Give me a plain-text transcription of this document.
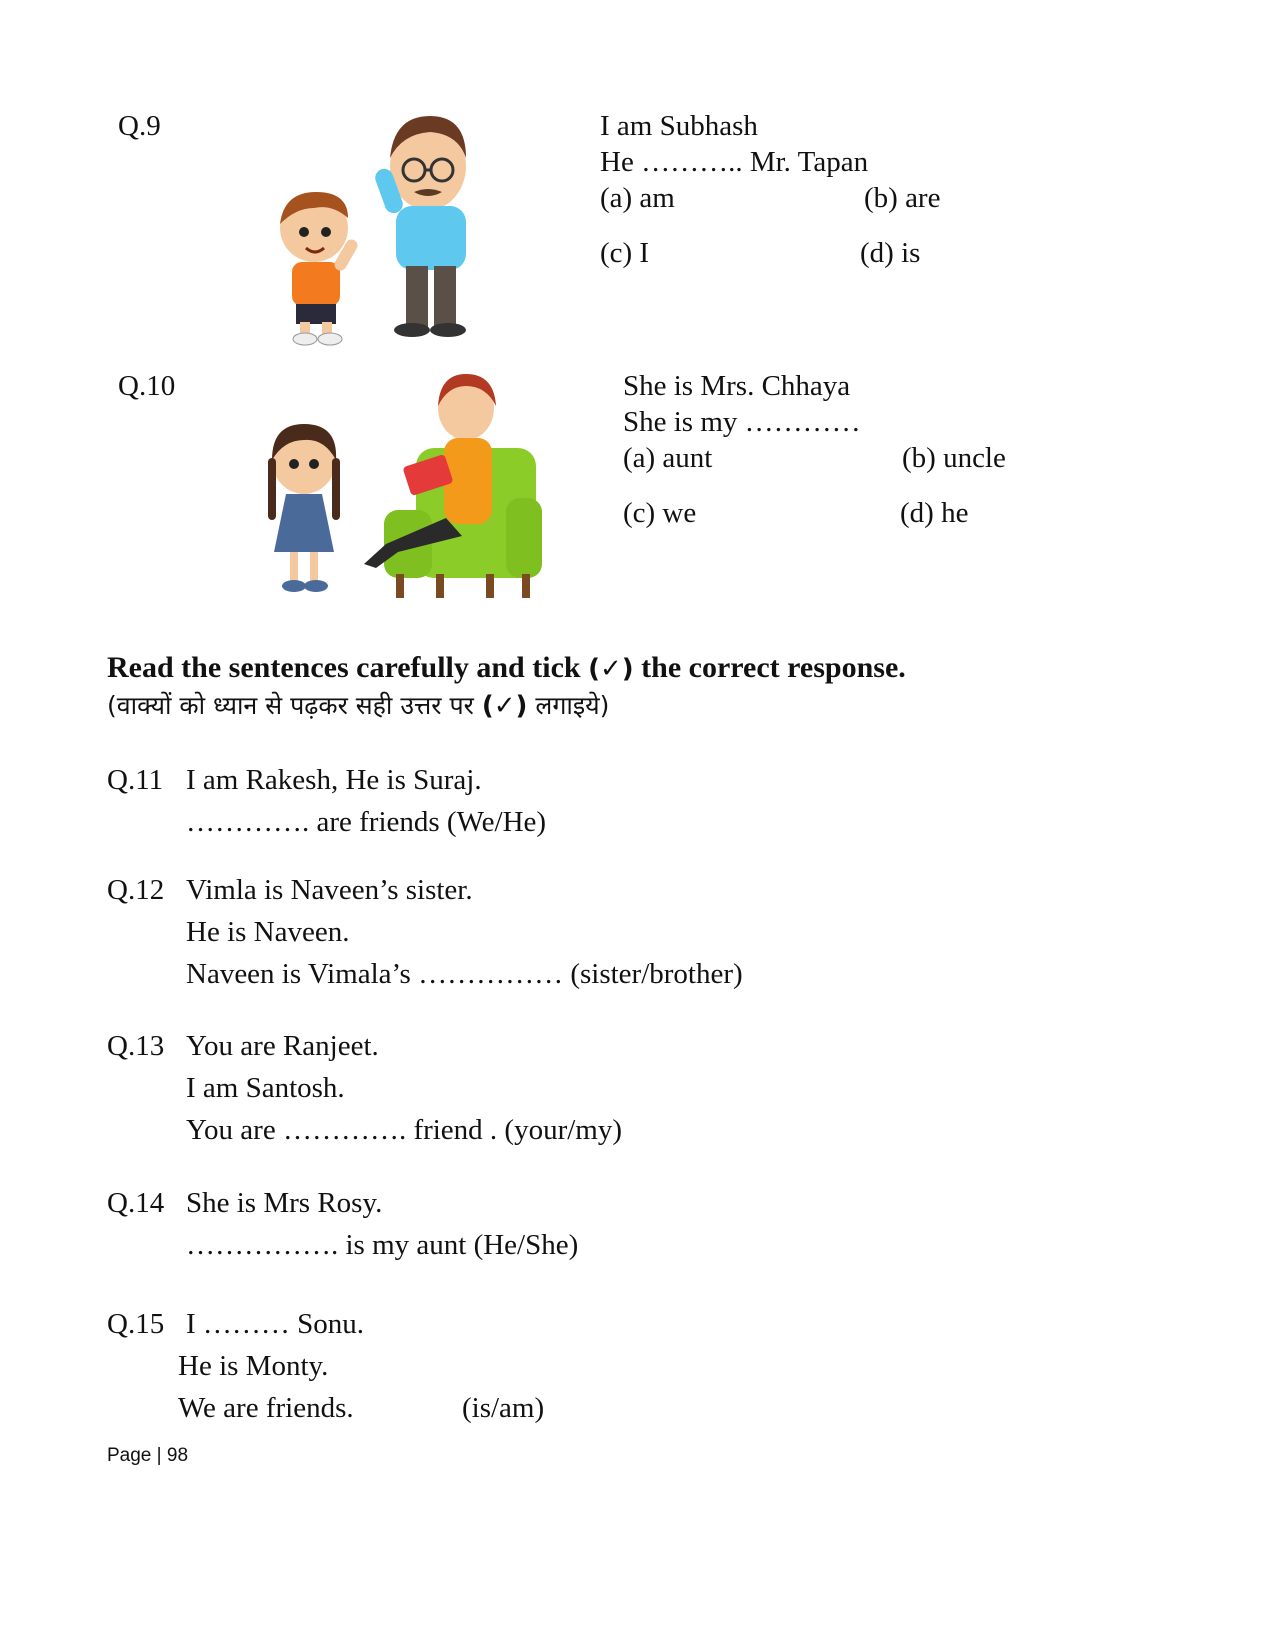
Q.9	I am Subhash
He ……….. Mr. Tapan
(a) am	(b) are
(c) I	(d) is
Q.10	She is Mrs. Chhaya
She is my …………
(a) aunt	(b) uncle
(c) we	(d) he
Read the sentences carefully and tick (✓) the correct response.
(वाक्यों को ध्यान से पढ़कर सही उत्तर पर (✓) लगाइये)
Q.11 I am Rakesh, He is Suraj.
…………. are friends (We/He)
Q.12 Vimla is Naveen’s sister.
He is Naveen.
Naveen is Vimala’s …………… (sister/brother)
Q.13 You are Ranjeet.
I am Santosh.
You are …………. friend . (your/my)
Q.14 She is Mrs Rosy.
……………. is my aunt (He/She)
Q.15 I ……… Sonu.
He is Monty.
We are friends.	(is/am)
Page | 98
